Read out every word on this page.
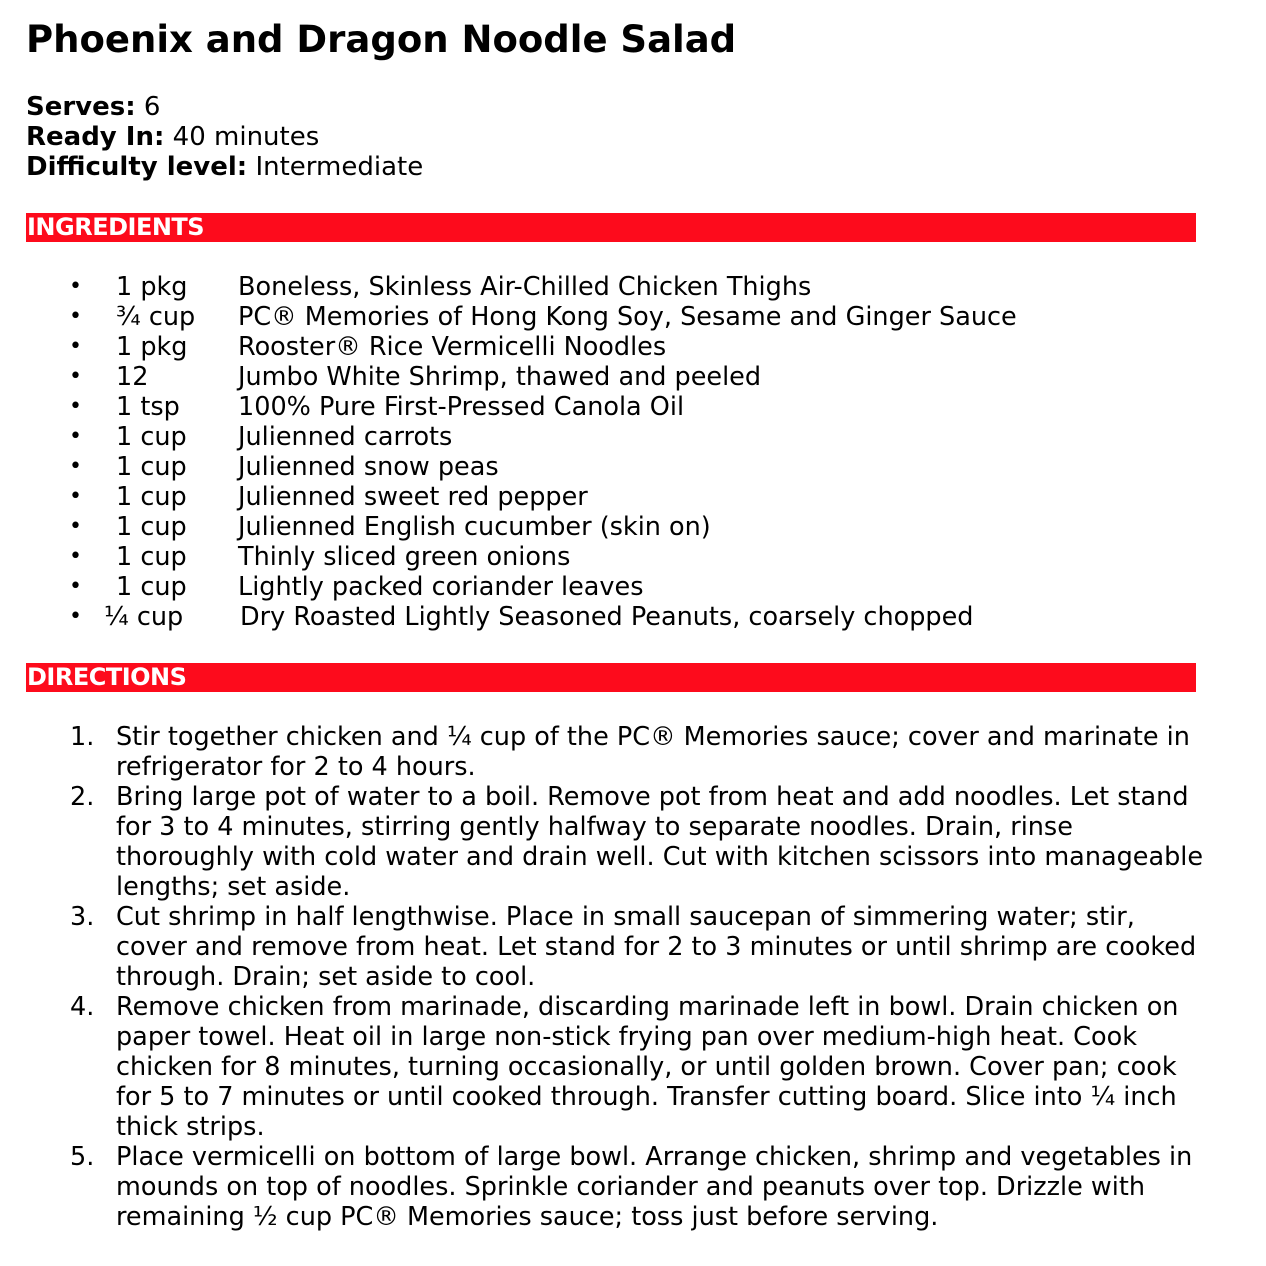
Phoenix and Dragon Noodle Salad
Serves: 6
Ready In: 40 minutes
Difficulty level: Intermediate
INGREDIENTS
• 1 pkg Boneless, Skinless Air-Chilled Chicken Thighs
• ¾ cup PC® Memories of Hong Kong Soy, Sesame and Ginger Sauce
• 1 pkg Rooster® Rice Vermicelli Noodles
• 12	Jumbo White Shrimp, thawed and peeled
• 1 tsp 100% Pure First-Pressed Canola Oil
• 1 cup Julienned carrots
• 1 cup Julienned snow peas
• 1 cup Julienned sweet red pepper
• 1 cup Julienned English cucumber (skin on)
• 1 cup Thinly sliced green onions
• 1 cup Lightly packed coriander leaves
• ¼ cup Dry Roasted Lightly Seasoned Peanuts, coarsely chopped
DIRECTIONS
1. Stir together chicken and ¼ cup of the PC® Memories sauce; cover and marinate in refrigerator for 2 to 4 hours.
2. Bring large pot of water to a boil. Remove pot from heat and add noodles. Let stand for 3 to 4 minutes, stirring gently halfway to separate noodles. Drain, rinse thoroughly with cold water and drain well. Cut with kitchen scissors into manageable lengths; set aside.
3. Cut shrimp in half lengthwise. Place in small saucepan of simmering water; stir, cover and remove from heat. Let stand for 2 to 3 minutes or until shrimp are cooked through. Drain; set aside to cool.
4. Remove chicken from marinade, discarding marinade left in bowl. Drain chicken on paper towel. Heat oil in large non-stick frying pan over medium-high heat. Cook chicken for 8 minutes, turning occasionally, or until golden brown. Cover pan; cook for 5 to 7 minutes or until cooked through. Transfer cutting board. Slice into ¼ inch thick strips.
5. Place vermicelli on bottom of large bowl. Arrange chicken, shrimp and vegetables in mounds on top of noodles. Sprinkle coriander and peanuts over top. Drizzle with remaining ½ cup PC® Memories sauce; toss just before serving.
